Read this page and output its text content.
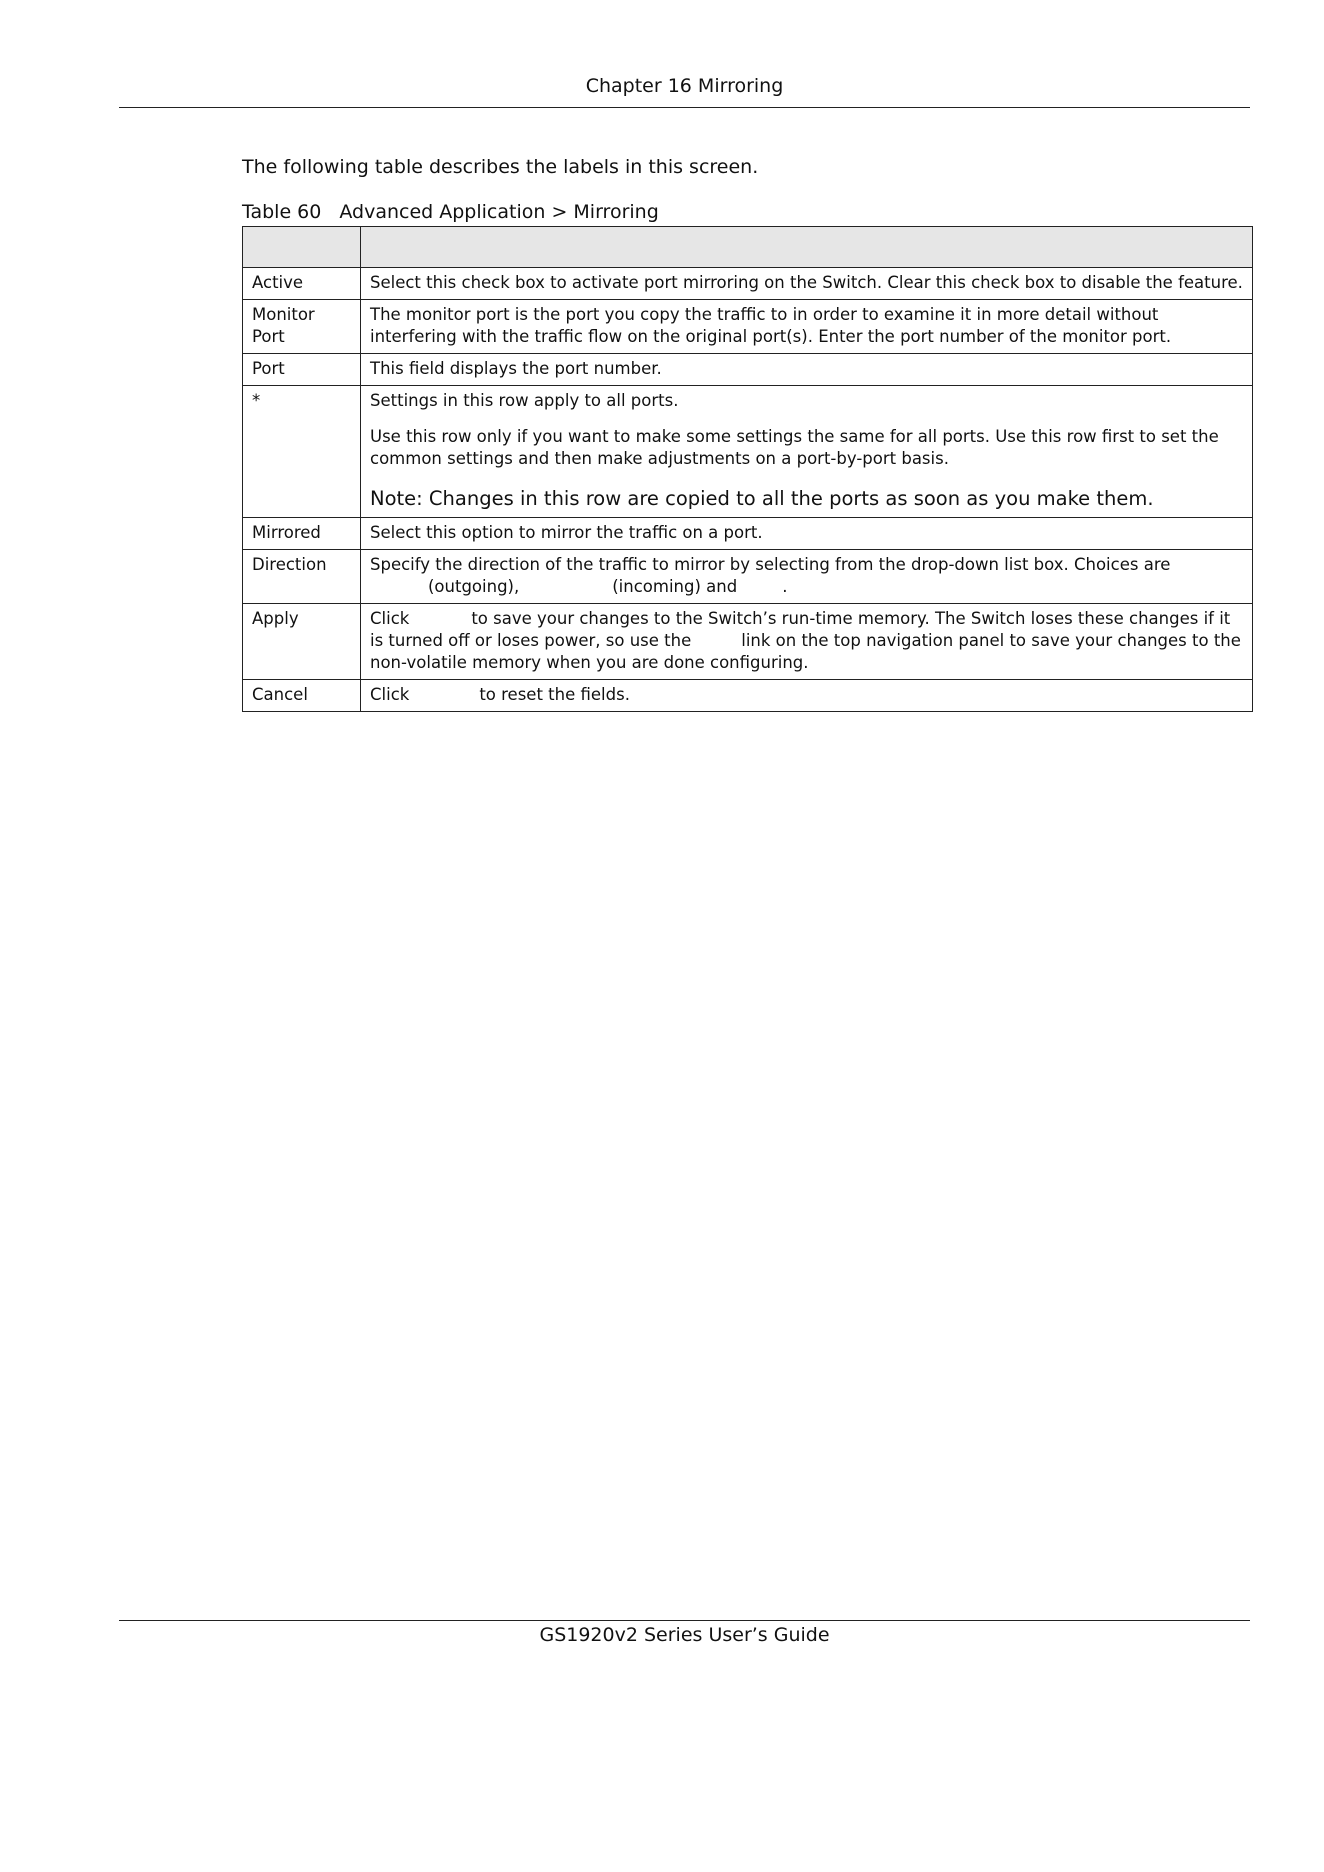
Chapter 16 Mirroring
The following table describes the labels in this screen.
Table 60 Advanced Application > Mirroring
LABEL	DESCRIPTION
Active	Select this check box to activate port mirroring on the Switch. Clear this check box to disable the feature.
Monitor Port	The monitor port is the port you copy the traffic to in order to examine it in more detail without interfering with the traffic flow on the original port(s). Enter the port number of the monitor port.
Port	This field displays the port number.
*	Settings in this row apply to all ports.

Use this row only if you want to make some settings the same for all ports. Use this row first to set the common settings and then make adjustments on a port-by-port basis.

Note: Changes in this row are copied to all the ports as soon as you make them.

Mirrored	Select this option to mirror the traffic on a port.
Direction	Specify the direction of the traffic to mirror by selecting from the drop-down list box. Choices are
(outgoing), (incoming) and .
Apply	Click to save your changes to the Switch’s run-time memory. The Switch loses these changes if it is turned off or loses power, so use the link on the top navigation panel to save your changes to the non-volatile memory when you are done configuring.
Cancel	Click to reset the fields.
GS1920v2 Series User’s Guide
